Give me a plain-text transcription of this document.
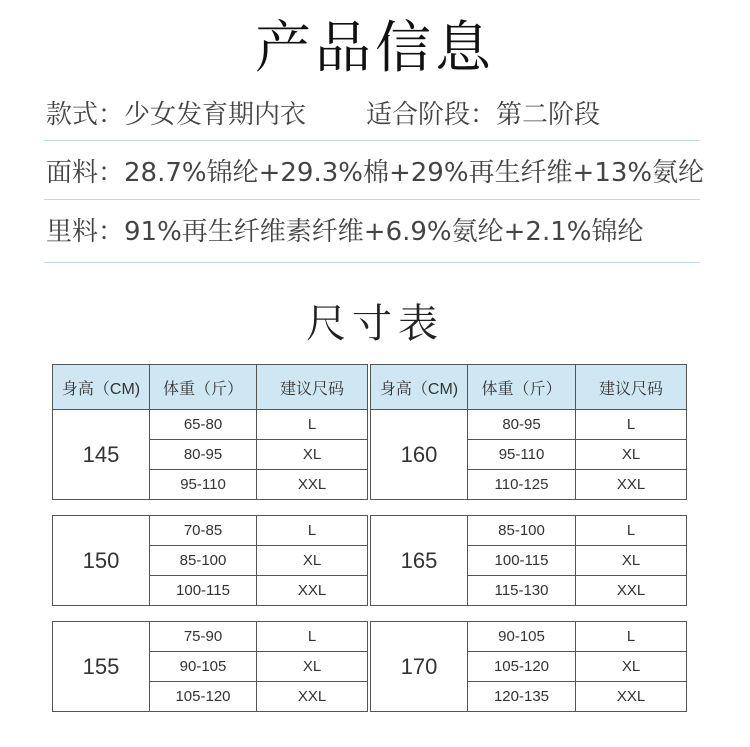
产品信息
款式：少女发育期内衣 适合阶段：第二阶段
面料：28.7%锦纶+29.3%棉+29%再生纤维+13%氨纶
里料：91%再生纤维素纤维+6.9%氨纶+2.1%锦纶
尺寸表
身高（CM)	体重（斤）	建议尺码
145	65-80	L
	80-95	XL
	95-110	XXL
150	70-85	L
	85-100	XL
	100-115	XXL
155	75-90	L
	90-105	XL
	105-120	XXL
身高（CM)	体重（斤）	建议尺码
160	80-95	L
	95-110	XL
	110-125	XXL
165	85-100	L
	100-115	XL
	115-130	XXL
170	90-105	L
	105-120	XL
	120-135	XXL
